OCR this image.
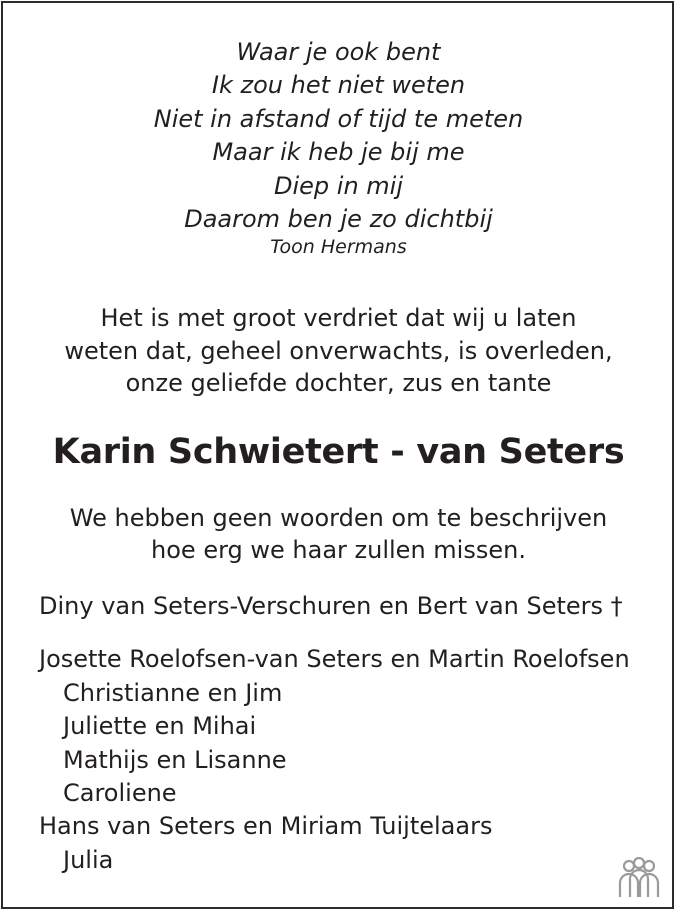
Waar je ook bent
Ik zou het niet weten
Niet in afstand of tijd te meten
Maar ik heb je bij me
Diep in mij
Daarom ben je zo dichtbij
Toon Hermans
Het is met groot verdriet dat wij u laten
weten dat, geheel onverwachts, is overleden,
onze geliefde dochter, zus en tante
Karin Schwietert - van Seters
We hebben geen woorden om te beschrijven
hoe erg we haar zullen missen.
Diny van Seters-Verschuren en Bert van Seters †
Josette Roelofsen-van Seters en Martin Roelofsen
Christianne en Jim
Juliette en Mihai
Mathijs en Lisanne
Caroliene
Hans van Seters en Miriam Tuijtelaars
Julia
